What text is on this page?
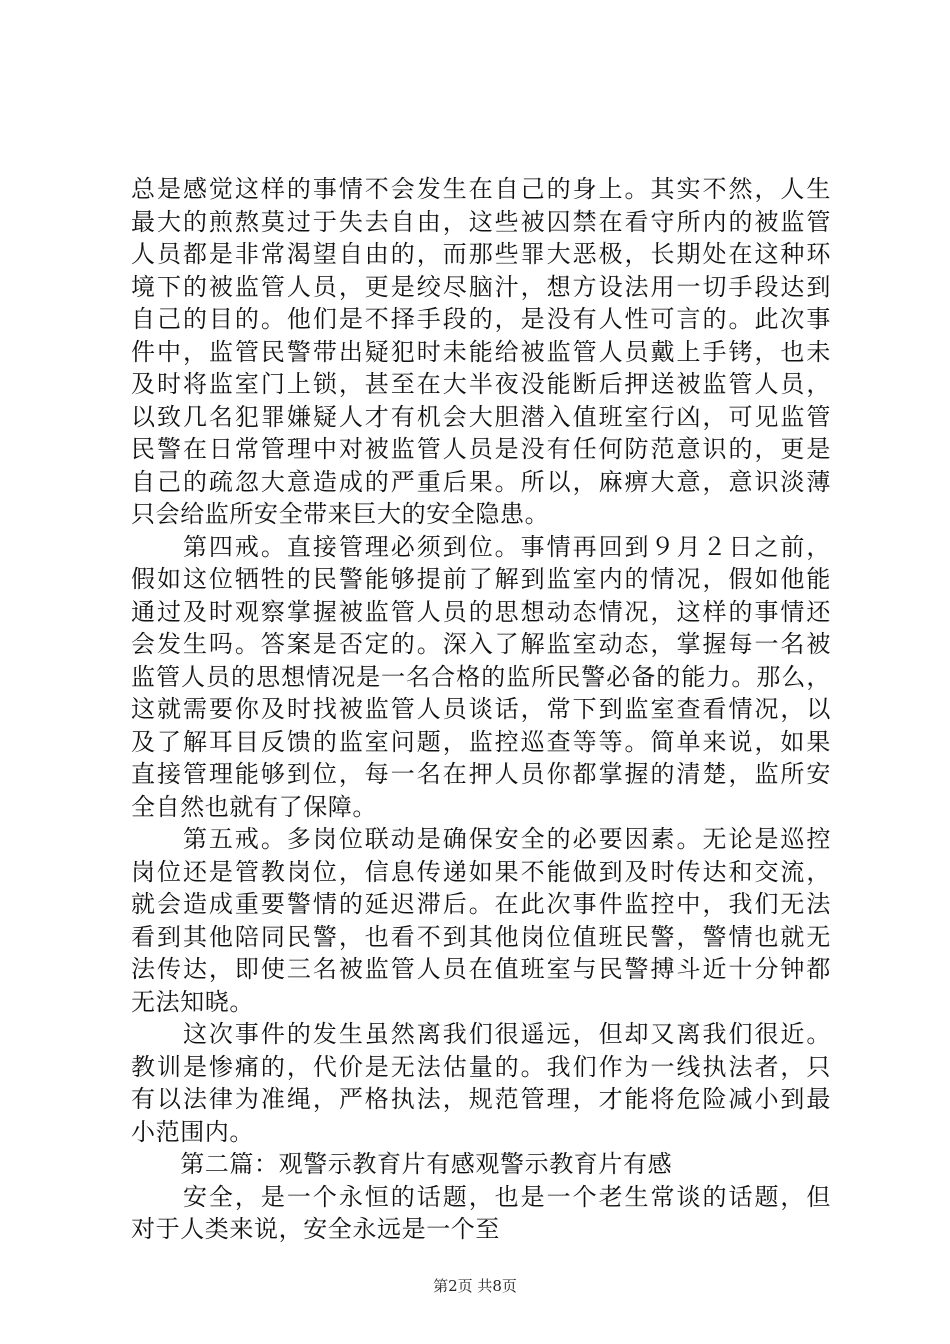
总是感觉这样的事情不会发生在自己的身上。其实不然，人生
最大的煎熬莫过于失去自由，这些被囚禁在看守所内的被监管
人员都是非常渴望自由的，而那些罪大恶极，长期处在这种环
境下的被监管人员，更是绞尽脑汁，想方设法用一切手段达到
自己的目的。他们是不择手段的，是没有人性可言的。此次事
件中，监管民警带出疑犯时未能给被监管人员戴上手铐，也未
及时将监室门上锁，甚至在大半夜没能断后押送被监管人员，
以致几名犯罪嫌疑人才有机会大胆潜入值班室行凶，可见监管
民警在日常管理中对被监管人员是没有任何防范意识的，更是
自己的疏忽大意造成的严重后果。所以，麻痹大意，意识淡薄
只会给监所安全带来巨大的安全隐患。
　　第四戒。直接管理必须到位。事情再回到９月２日之前，
假如这位牺牲的民警能够提前了解到监室内的情况，假如他能
通过及时观察掌握被监管人员的思想动态情况，这样的事情还
会发生吗。答案是否定的。深入了解监室动态，掌握每一名被
监管人员的思想情况是一名合格的监所民警必备的能力。那么，
这就需要你及时找被监管人员谈话，常下到监室查看情况，以
及了解耳目反馈的监室问题，监控巡查等等。简单来说，如果
直接管理能够到位，每一名在押人员你都掌握的清楚，监所安
全自然也就有了保障。
　　第五戒。多岗位联动是确保安全的必要因素。无论是巡控
岗位还是管教岗位，信息传递如果不能做到及时传达和交流，
就会造成重要警情的延迟滞后。在此次事件监控中，我们无法
看到其他陪同民警，也看不到其他岗位值班民警，警情也就无
法传达，即使三名被监管人员在值班室与民警搏斗近十分钟都
无法知晓。
　　这次事件的发生虽然离我们很遥远，但却又离我们很近。
教训是惨痛的，代价是无法估量的。我们作为一线执法者，只
有以法律为准绳，严格执法，规范管理，才能将危险减小到最
小范围内。
　　第二篇：观警示教育片有感观警示教育片有感
　　安全，是一个永恒的话题，也是一个老生常谈的话题，但
对于人类来说，安全永远是一个至
第2页 共8页
